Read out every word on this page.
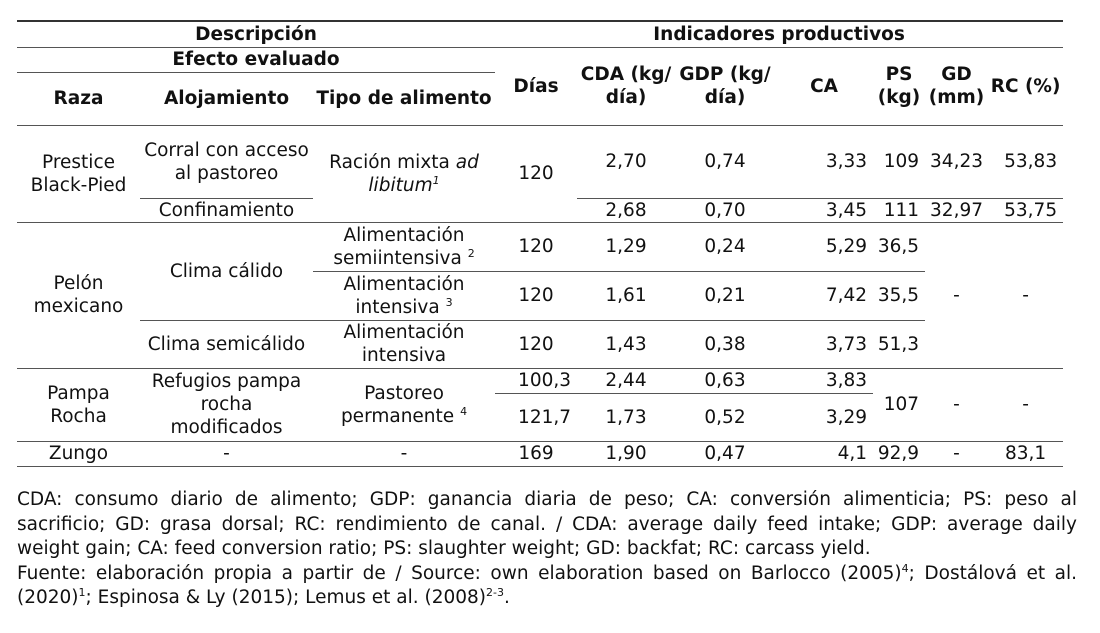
Descripción			Indicadores productivos						
Efecto evaluado			Días	CDA (kg/ día)	GDP (kg/ día)	CA	PS (kg)	GD (mm)	RC (%)
Raza	Alojamiento	Tipo de alimento							
Prestice Black-Pied	Corral con acceso al pastoreo	Ración mixta ad libitum$^1$	120	2,70	0,74	3,33	109	34,23	53,83
	Confinamiento			2,68	0,70	3,45	111	32,97	53,75
Pelón mexicano	Clima cálido	Alimentación semiintensiva $^2$	120	1,29	0,24	5,29	36,5	-	-
		Alimentación intensiva $^3$	120	1,61	0,21	7,42	35,5		
	Clima semicálido	Alimentación intensiva	120	1,43	0,38	3,73	51,3		
Pampa Rocha	Refugios pampa rocha modificados	Pastoreo permanente $^4$	100,3	2,44	0,63	3,83	107	-	-
			121,7	1,73	0,52	3,29			
Zungo	-	-	169	1,90	0,47	4,1	92,9	-	83,1
CDA: consumo diario de alimento; GDP: ganancia diaria de peso; CA: conversión alimenticia; PS: peso al sacrificio; GD: grasa dorsal; RC: rendimiento de canal. / CDA: average daily feed intake; GDP: average daily weight gain; CA: feed conversion ratio; PS: slaughter weight; GD: backfat; RC: carcass yield.
Fuente: elaboración propia a partir de / Source: own elaboration based on Barlocco $(2005)^4$; Dostálová et al. $(2020)^1$; Espinosa & Ly (2015); Lemus et al. $(2008)^{2-3}$.
